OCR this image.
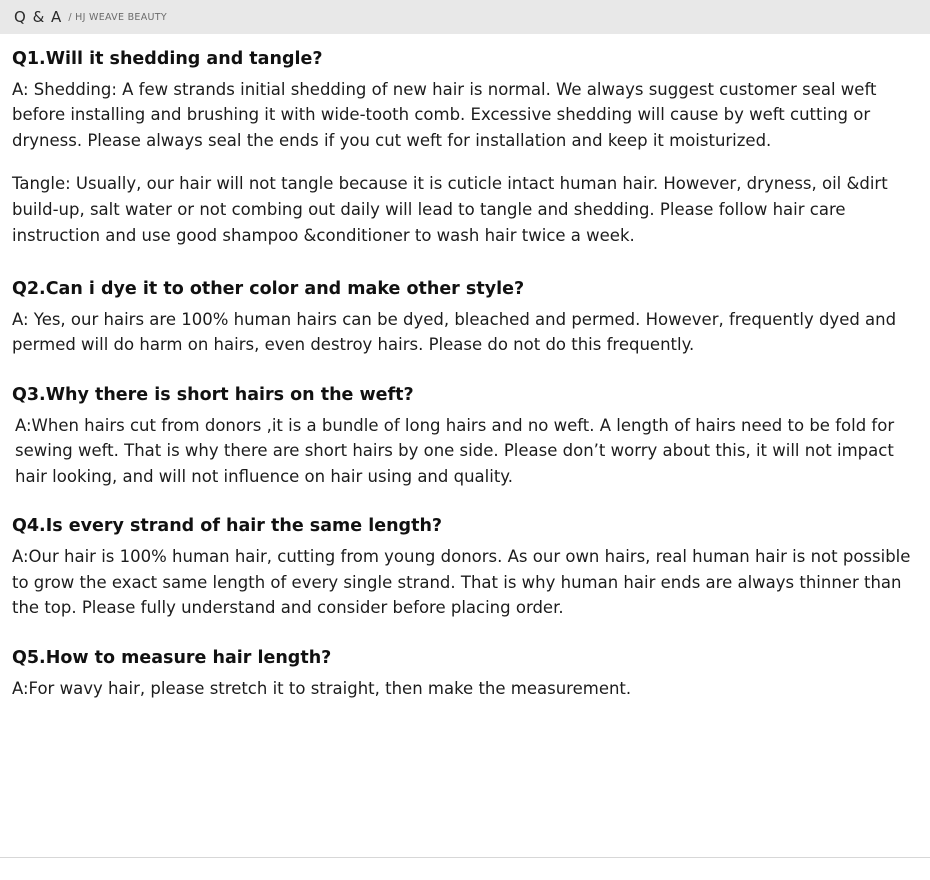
Q & A / HJ WEAVE BEAUTY
Q1.Will it shedding and tangle?

A: Shedding: A few strands initial shedding of new hair is normal. We always suggest customer seal weft before installing and brushing it with wide-tooth comb. Excessive shedding will cause by weft cutting or dryness. Please always seal the ends if you cut weft for installation and keep it moisturized.

Tangle: Usually, our hair will not tangle because it is cuticle intact human hair. However, dryness, oil &dirt build-up, salt water or not combing out daily will lead to tangle and shedding. Please follow hair care instruction and use good shampoo &conditioner to wash hair twice a week.

Q2.Can i dye it to other color and make other style?

A: Yes, our hairs are 100% human hairs can be dyed, bleached and permed. However, frequently dyed and permed will do harm on hairs, even destroy hairs. Please do not do this frequently.

Q3.Why there is short hairs on the weft?

A:When hairs cut from donors ,it is a bundle of long hairs and no weft. A length of hairs need to be fold for sewing weft. That is why there are short hairs by one side. Please don’t worry about this, it will not impact hair looking, and will not influence on hair using and quality.

Q4.Is every strand of hair the same length?

A:Our hair is 100% human hair, cutting from young donors. As our own hairs, real human hair is not possible to grow the exact same length of every single strand. That is why human hair ends are always thinner than the top. Please fully understand and consider before placing order.

Q5.How to measure hair length?

A:For wavy hair, please stretch it to straight, then make the measurement.
